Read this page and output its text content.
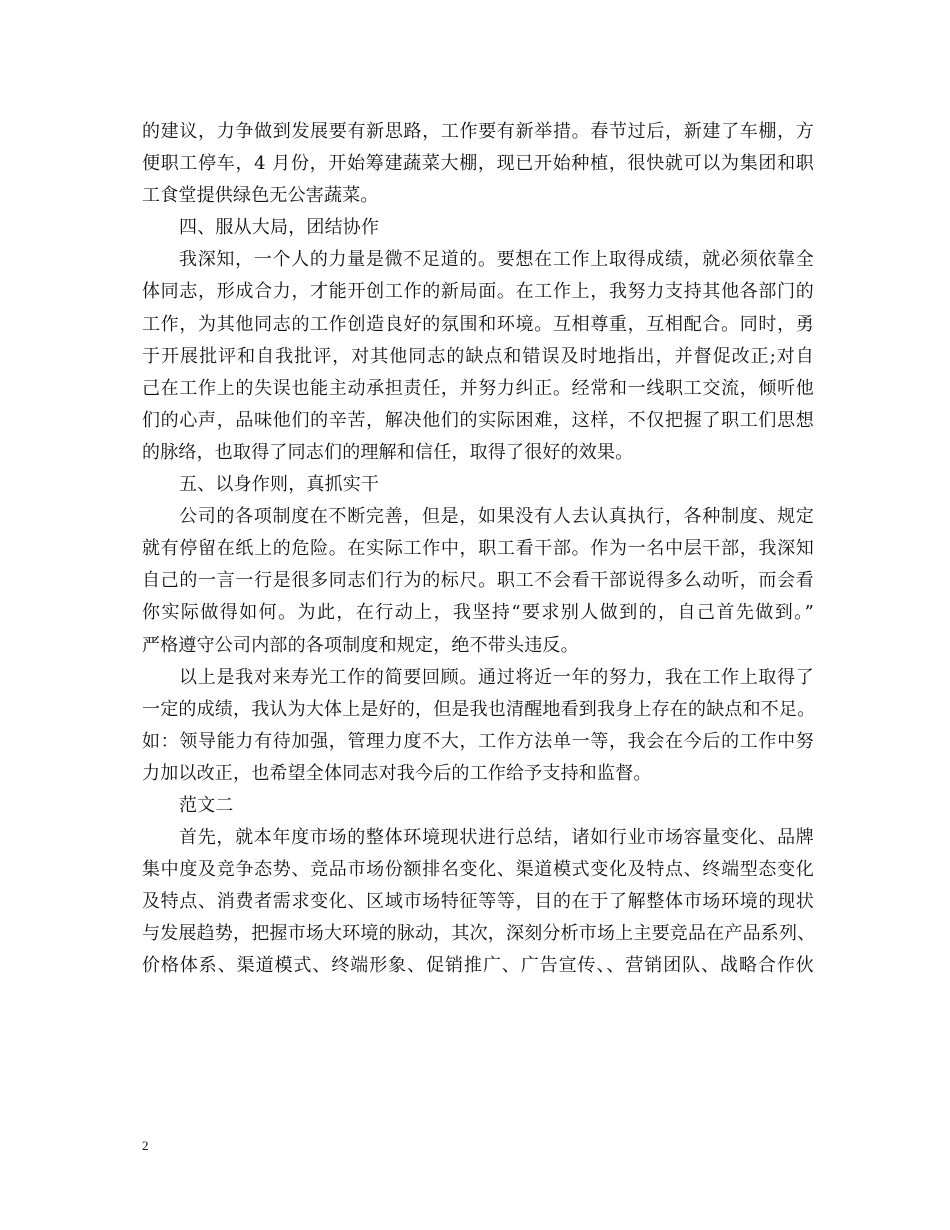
的建议，力争做到发展要有新思路，工作要有新举措。春节过后，新建了车棚，方
便职工停车，4 月份，开始筹建蔬菜大棚，现已开始种植，很快就可以为集团和职
工食堂提供绿色无公害蔬菜。
四、服从大局，团结协作
我深知，一个人的力量是微不足道的。要想在工作上取得成绩，就必须依靠全
体同志，形成合力，才能开创工作的新局面。在工作上，我努力支持其他各部门的
工作，为其他同志的工作创造良好的氛围和环境。互相尊重，互相配合。同时，勇
于开展批评和自我批评，对其他同志的缺点和错误及时地指出，并督促改正;对自
己在工作上的失误也能主动承担责任，并努力纠正。经常和一线职工交流，倾听他
们的心声，品味他们的辛苦，解决他们的实际困难，这样，不仅把握了职工们思想
的脉络，也取得了同志们的理解和信任，取得了很好的效果。
五、以身作则，真抓实干
公司的各项制度在不断完善，但是，如果没有人去认真执行，各种制度、规定
就有停留在纸上的危险。在实际工作中，职工看干部。作为一名中层干部，我深知
自己的一言一行是很多同志们行为的标尺。职工不会看干部说得多么动听，而会看
你实际做得如何。为此，在行动上，我坚持“要求别人做到的，自己首先做到。”
严格遵守公司内部的各项制度和规定，绝不带头违反。
以上是我对来寿光工作的简要回顾。通过将近一年的努力，我在工作上取得了
一定的成绩，我认为大体上是好的，但是我也清醒地看到我身上存在的缺点和不足。
如：领导能力有待加强，管理力度不大，工作方法单一等，我会在今后的工作中努
力加以改正，也希望全体同志对我今后的工作给予支持和监督。
范文二
首先，就本年度市场的整体环境现状进行总结，诸如行业市场容量变化、品牌
集中度及竞争态势、竞品市场份额排名变化、渠道模式变化及特点、终端型态变化
及特点、消费者需求变化、区域市场特征等等，目的在于了解整体市场环境的现状
与发展趋势，把握市场大环境的脉动，其次，深刻分析市场上主要竞品在产品系列、
价格体系、渠道模式、终端形象、促销推广、广告宣传、、营销团队、战略合作伙
2
